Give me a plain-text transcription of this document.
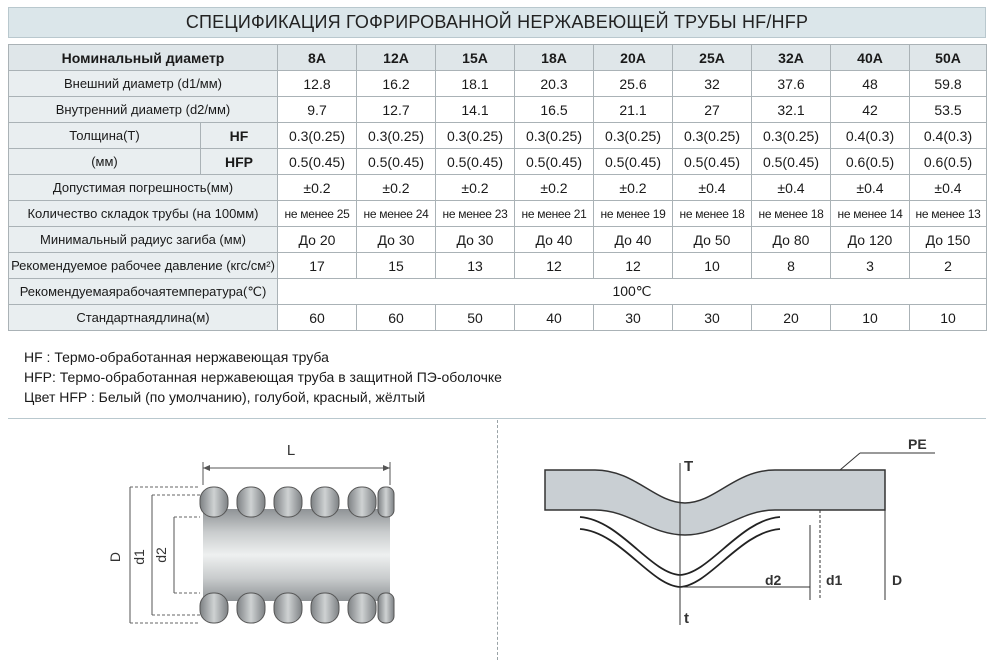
СПЕЦИФИКАЦИЯ ГОФРИРОВАННОЙ НЕРЖАВЕЮЩЕЙ ТРУБЫ HF/HFP
Номинальный диаметр		8A	12A	15A	18A	20A	25A	32A	40A	50A
Внешний диаметр (d1/мм)		12.8	16.2	18.1	20.3	25.6	32	37.6	48	59.8
Внутренний диаметр (d2/мм)		9.7	12.7	14.1	16.5	21.1	27	32.1	42	53.5
Толщина(T)	HF	0.3(0.25)	0.3(0.25)	0.3(0.25)	0.3(0.25)	0.3(0.25)	0.3(0.25)	0.3(0.25)	0.4(0.3)	0.4(0.3)
(мм)	HFP	0.5(0.45)	0.5(0.45)	0.5(0.45)	0.5(0.45)	0.5(0.45)	0.5(0.45)	0.5(0.45)	0.6(0.5)	0.6(0.5)
Допустимая погрешность(мм)		±0.2	±0.2	±0.2	±0.2	±0.2	±0.4	±0.4	±0.4	±0.4
Количество складок трубы (на 100мм)		не менее 25	не менее 24	не менее 23	не менее 21	не менее 19	не менее 18	не менее 18	не менее 14	не менее 13
Минимальный радиус загиба (мм)		До 20	До 30	До 30	До 40	До 40	До 50	До 80	До 120	До 150
Рекомендуемое рабочее давление (кгс/см²)		17	15	13	12	12	10	8	3	2
Рекомендуемаярабочаятемпература(℃)		100℃								
Стандартнаядлина(м)		60	60	50	40	30	30	20	10	10
HF : Термо-обработанная нержавеющая труба
HFP: Термо-обработанная нержавеющая труба в защитной ПЭ-оболочке
Цвет HFP : Белый (по умолчанию), голубой, красный, жёлтый
L
D d1 d2
T
t
PE
d2	d1	D
